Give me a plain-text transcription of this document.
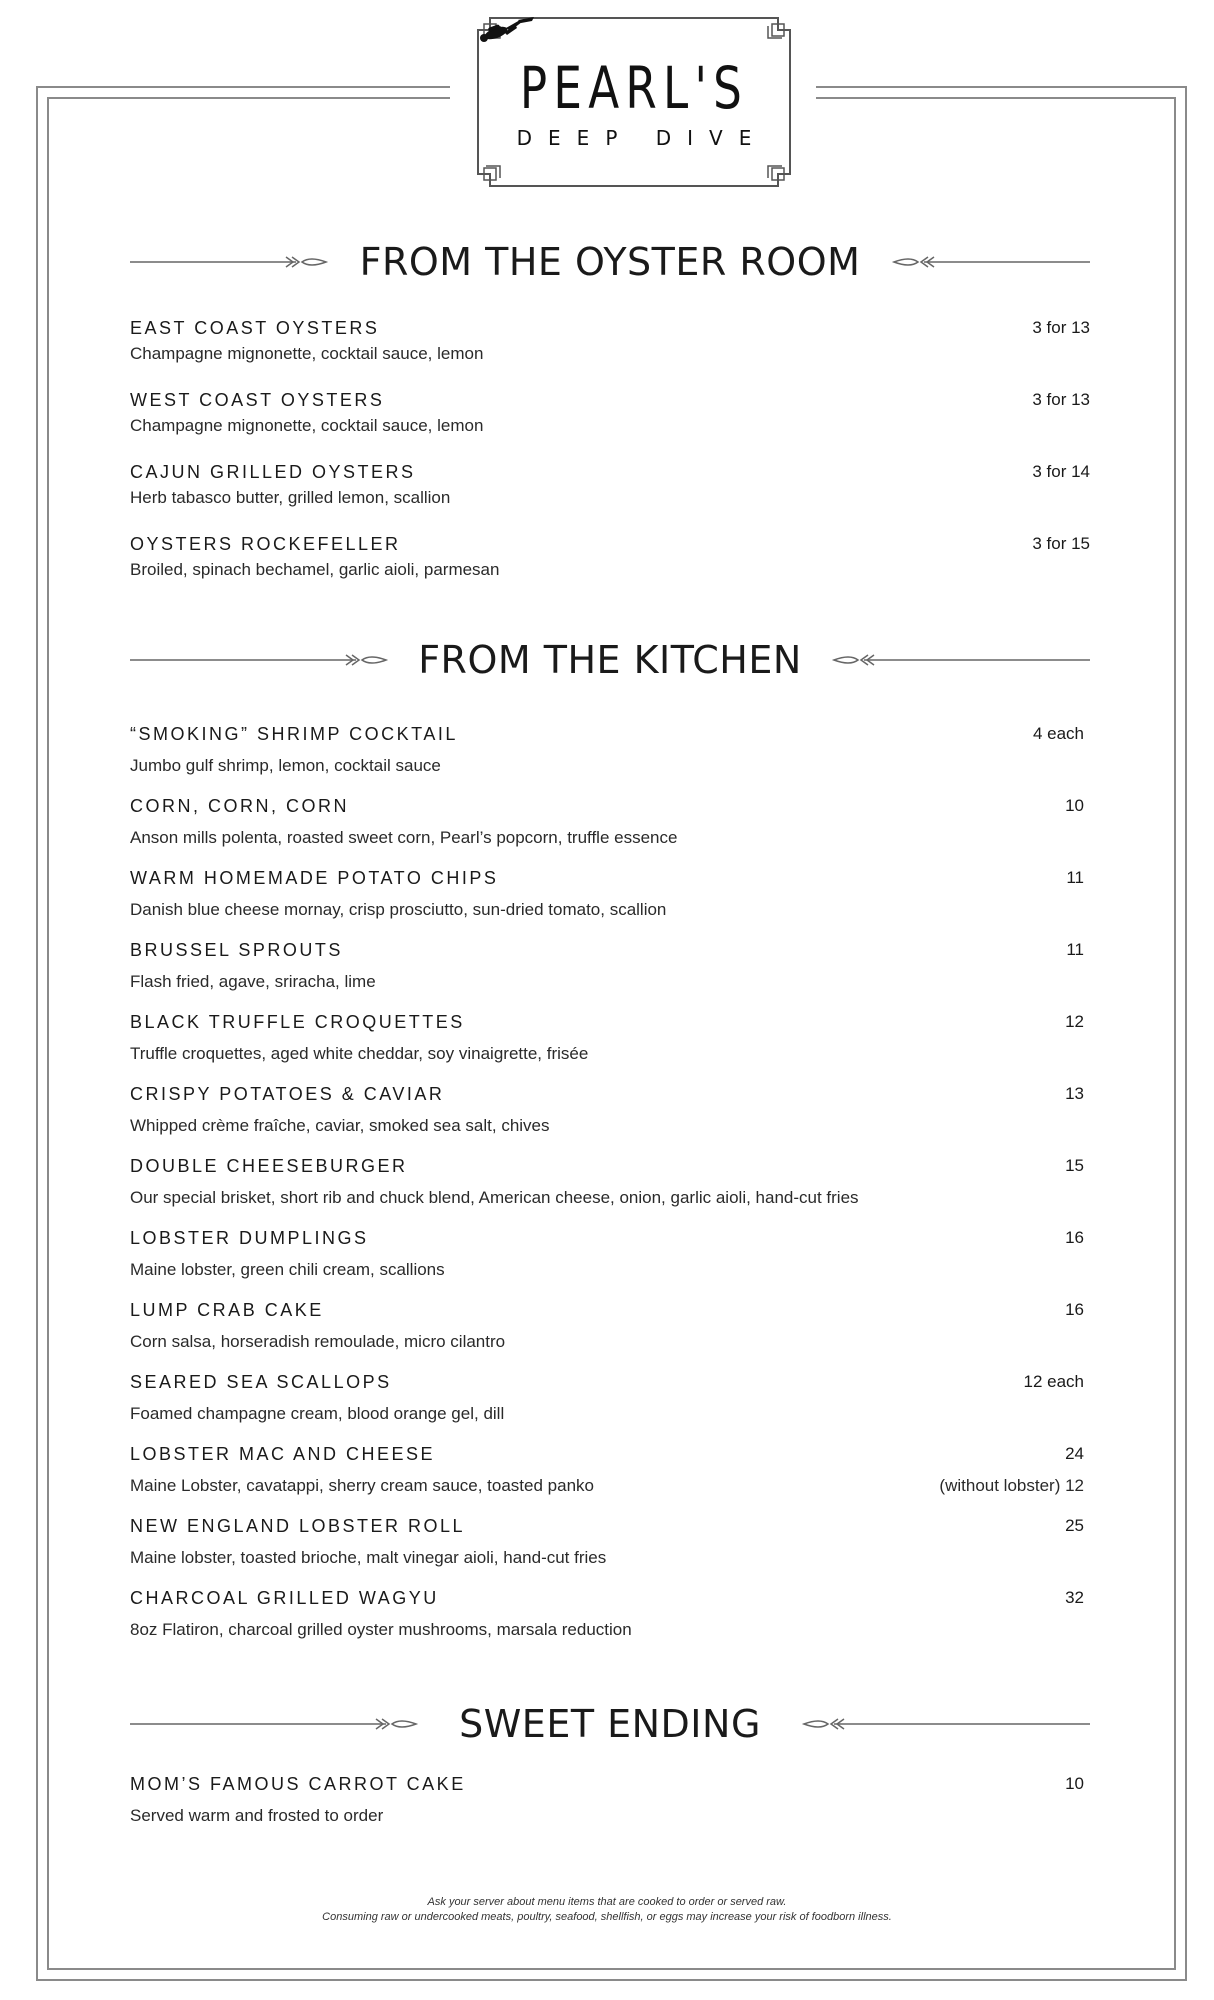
PEARL'S
DEEP DIVE
FROM THE OYSTER ROOM
EAST COAST OYSTERS	3 for 13
Champagne mignonette, cocktail sauce, lemon
WEST COAST OYSTERS	3 for 13
Champagne mignonette, cocktail sauce, lemon
CAJUN GRILLED OYSTERS	3 for 14
Herb tabasco butter, grilled lemon, scallion
OYSTERS ROCKEFELLER	3 for 15
Broiled, spinach bechamel, garlic aioli, parmesan
FROM THE KITCHEN
“SMOKING” SHRIMP COCKTAIL	4 each
Jumbo gulf shrimp, lemon, cocktail sauce
CORN, CORN, CORN	10
Anson mills polenta, roasted sweet corn, Pearl’s popcorn, truffle essence
WARM HOMEMADE POTATO CHIPS	11
Danish blue cheese mornay, crisp prosciutto, sun-dried tomato, scallion
BRUSSEL SPROUTS	11
Flash fried, agave, sriracha, lime
BLACK TRUFFLE CROQUETTES	12
Truffle croquettes, aged white cheddar, soy vinaigrette, frisée
CRISPY POTATOES & CAVIAR	13
Whipped crème fraîche, caviar, smoked sea salt, chives
DOUBLE CHEESEBURGER	15
Our special brisket, short rib and chuck blend, American cheese, onion, garlic aioli, hand-cut fries
LOBSTER DUMPLINGS	16
Maine lobster, green chili cream, scallions
LUMP CRAB CAKE	16
Corn salsa, horseradish remoulade, micro cilantro
SEARED SEA SCALLOPS	12 each
Foamed champagne cream, blood orange gel, dill
LOBSTER MAC AND CHEESE	24
Maine Lobster, cavatappi, sherry cream sauce, toasted panko	(without lobster) 12
NEW ENGLAND LOBSTER ROLL	25
Maine lobster, toasted brioche, malt vinegar aioli, hand-cut fries
CHARCOAL GRILLED WAGYU	32
8oz Flatiron, charcoal grilled oyster mushrooms, marsala reduction
SWEET ENDING
MOM’S FAMOUS CARROT CAKE	10
Served warm and frosted to order
Ask your server about menu items that are cooked to order or served raw.
Consuming raw or undercooked meats, poultry, seafood, shellfish, or eggs may increase your risk of foodborn illness.
